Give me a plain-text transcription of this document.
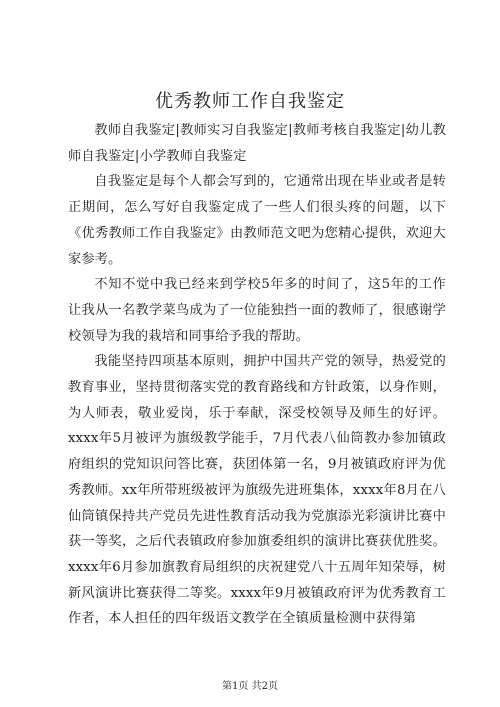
优秀教师工作自我鉴定

教师自我鉴定|教师实习自我鉴定|教师考核自我鉴定|幼儿教师自我鉴定|小学教师自我鉴定

自我鉴定是每个人都会写到的，它通常出现在毕业或者是转正期间，怎么写好自我鉴定成了一些人们很头疼的问题，以下《优秀教师工作自我鉴定》由教师范文吧为您精心提供，欢迎大家参考。

不知不觉中我已经来到学校5年多的时间了，这5年的工作让我从一名教学菜鸟成为了一位能独挡一面的教师了，很感谢学校领导为我的栽培和同事给予我的帮助。

我能坚持四项基本原则，拥护中国共产党的领导，热爱党的教育事业，坚持贯彻落实党的教育路线和方针政策，以身作则，为人师表，敬业爱岗，乐于奉献，深受校领导及师生的好评。xxxx年5月被评为旗级教学能手，7月代表八仙筒教办参加镇政府组织的党知识问答比赛，获团体第一名，9月被镇政府评为优秀教师。xx年所带班级被评为旗级先进班集体，xxxx年8月在八仙筒镇保持共产党员先进性教育活动我为党旗添光彩演讲比赛中获一等奖，之后代表镇政府参加旗委组织的演讲比赛获优胜奖。xxxx年6月参加旗教育局组织的庆祝建党八十五周年知荣辱，树新风演讲比赛获得二等奖。xxxx年9月被镇政府评为优秀教育工作者，本人担任的四年级语文教学在全镇质量检测中获得第

第1页 共2页
